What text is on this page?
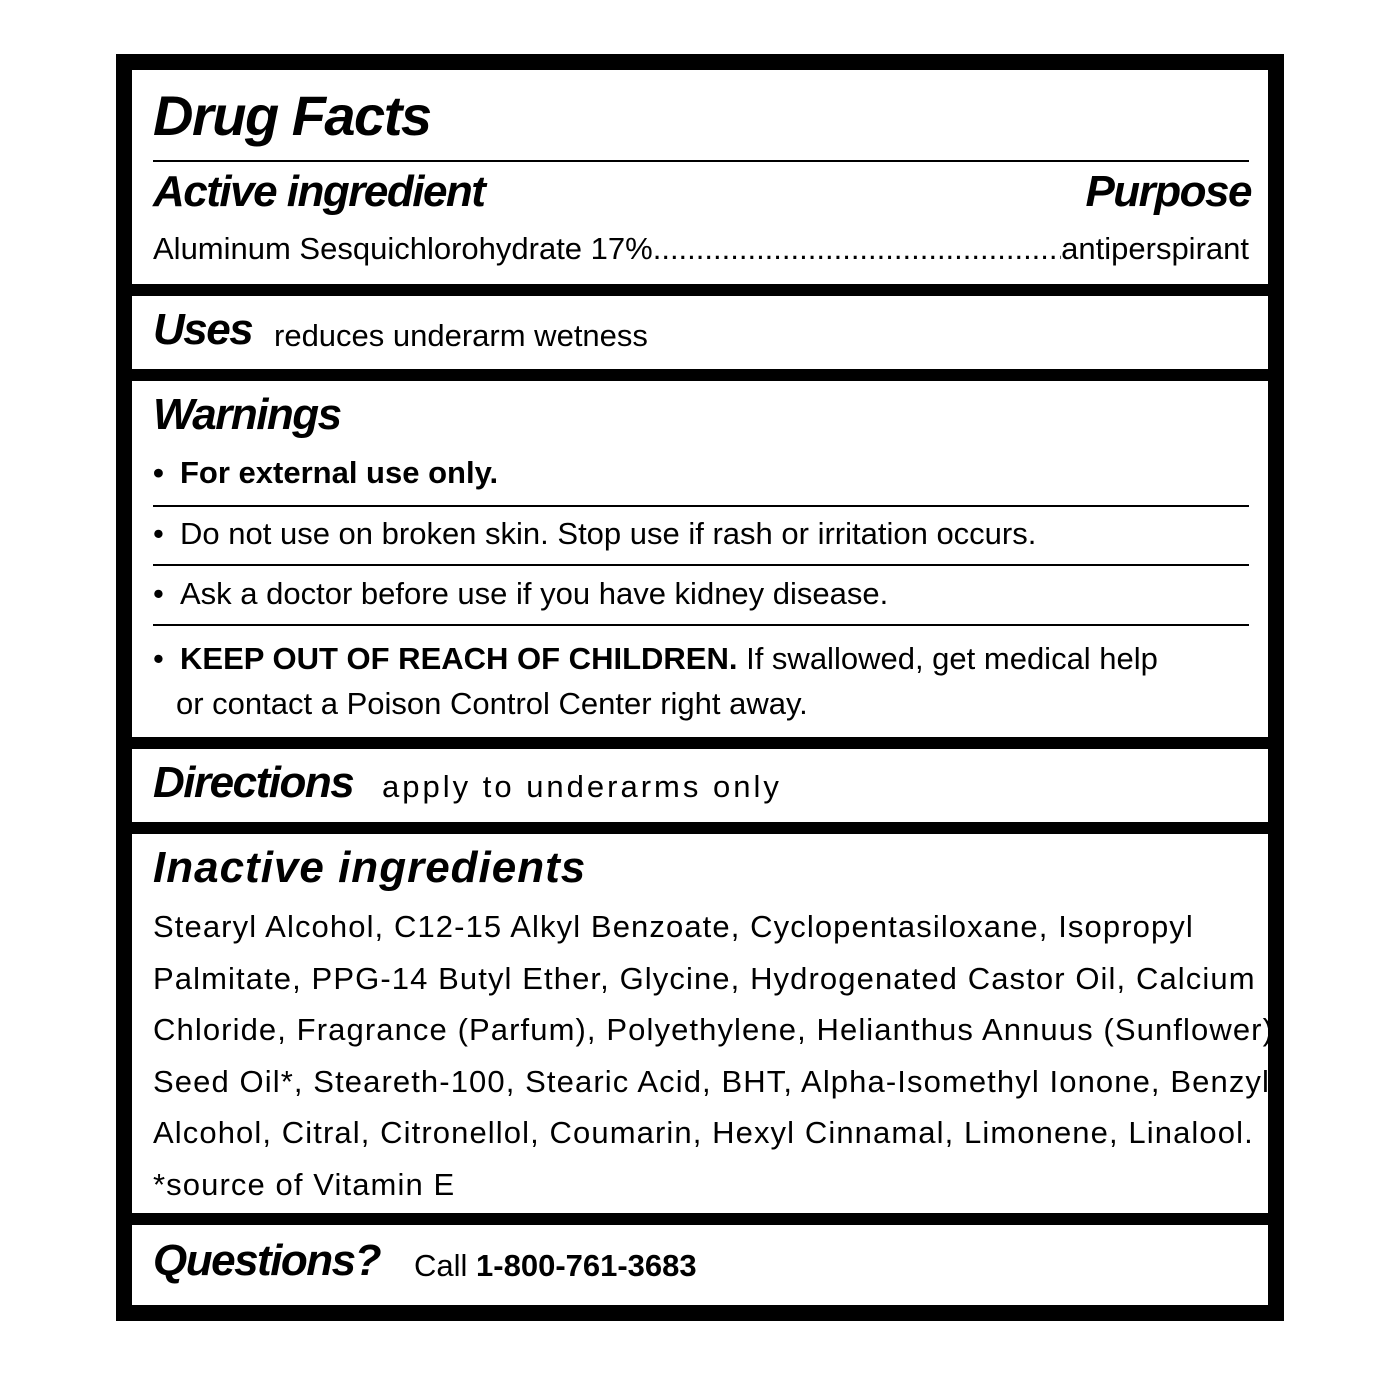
Drug Facts
Active ingredient	Purpose
Aluminum Sesquichlorohydrate 17%
.....	antiperspirant
Uses reduces underarm wetness
Warnings
• For external use only.
• Do not use on broken skin. Stop use if rash or irritation occurs.
• Ask a doctor before use if you have kidney disease.
• KEEP OUT OF REACH OF CHILDREN. If swallowed, get medical help
or contact a Poison Control Center right away.
Directions apply to underarms only
Inactive ingredients
Stearyl Alcohol, C12-15 Alkyl Benzoate, Cyclopentasiloxane, Isopropyl
Palmitate, PPG-14 Butyl Ether, Glycine, Hydrogenated Castor Oil, Calcium
Chloride, Fragrance (Parfum), Polyethylene, Helianthus Annuus (Sunflower)
Seed Oil*, Steareth-100, Stearic Acid, BHT, Alpha-Isomethyl Ionone, Benzyl
Alcohol, Citral, Citronellol, Coumarin, Hexyl Cinnamal, Limonene, Linalool.
*source of Vitamin E
Questions? Call 1-800-761-3683
